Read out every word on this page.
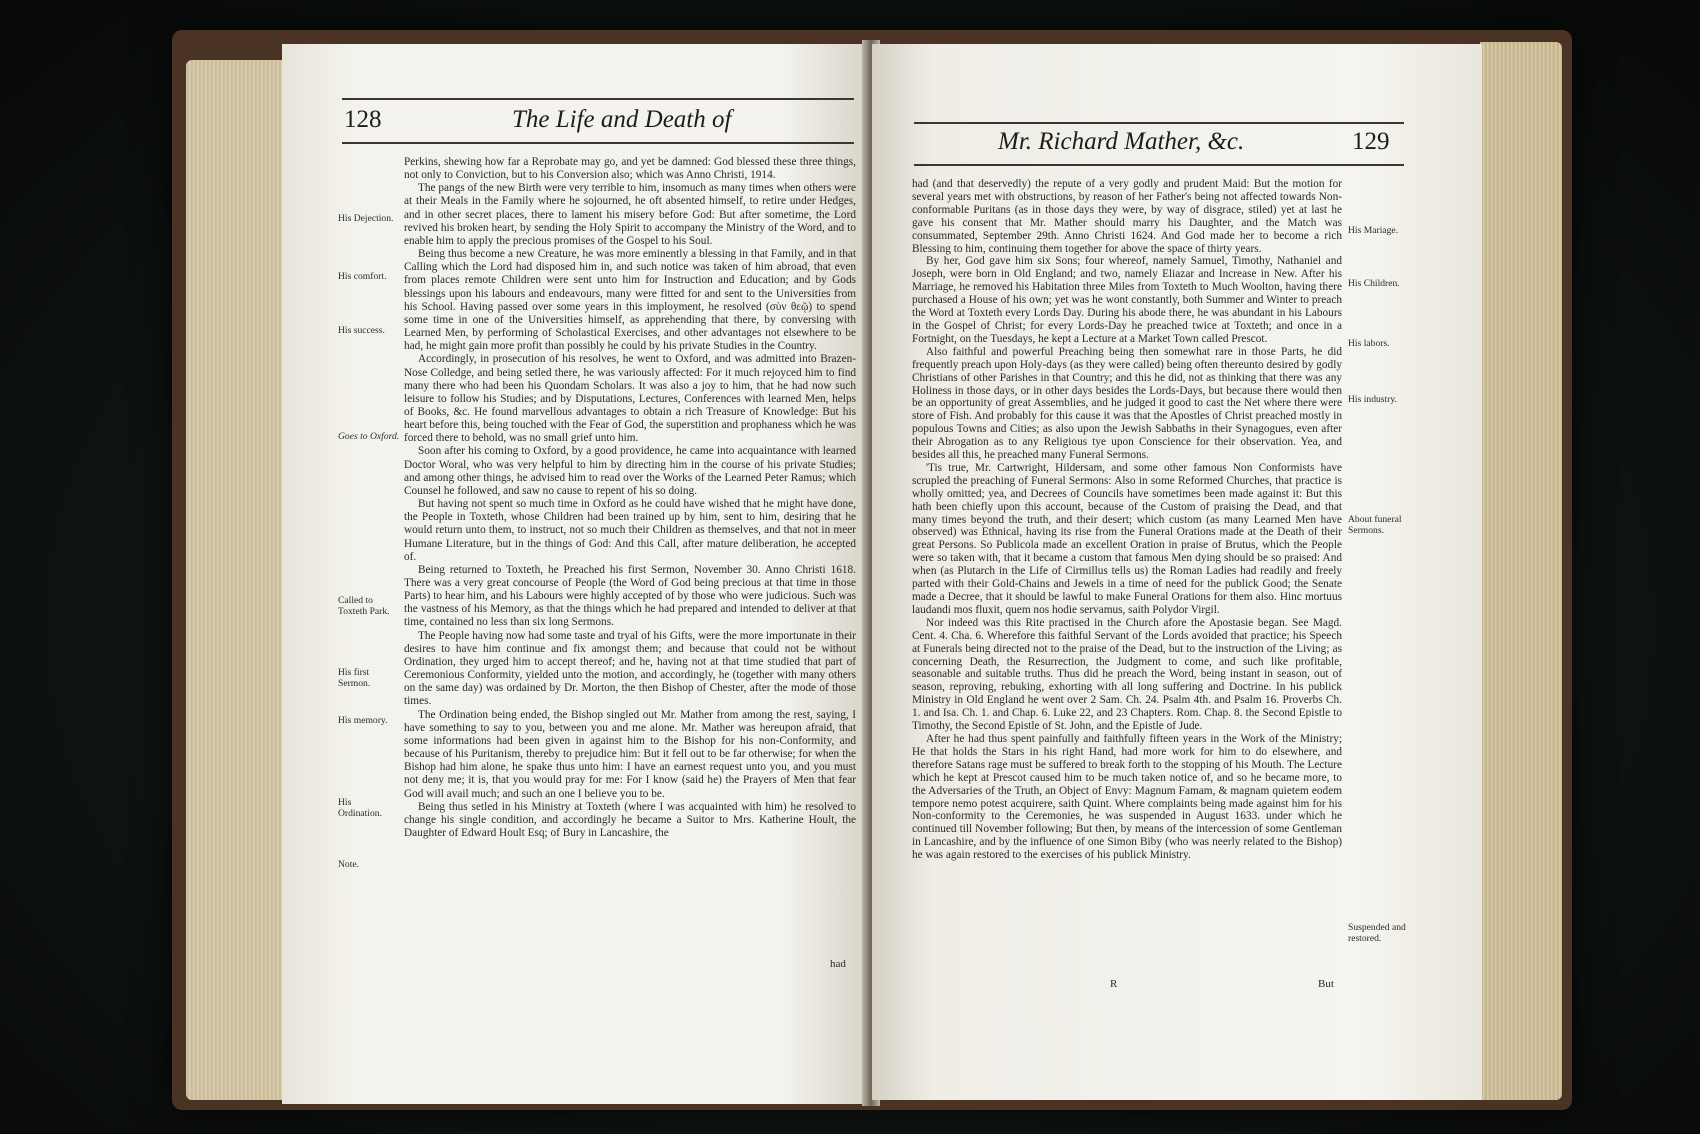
128	The Life and Death of
His Dejection.
His comfort.
His success.
Goes to Oxford.
Called to Toxteth Park.
His first Sermon.
His memory.
His Ordination.
Note.

Perkins, shewing how far a Reprobate may go, and yet be damned: God blessed these three things, not only to Conviction, but to his Conversion also; which was Anno Christi, 1914.

The pangs of the new Birth were very terrible to him, insomuch as many times when others were at their Meals in the Family where he sojourned, he oft absented himself, to retire under Hedges, and in other secret places, there to lament his misery before God: But after sometime, the Lord revived his broken heart, by sending the Holy Spirit to accompany the Ministry of the Word, and to enable him to apply the precious promises of the Gospel to his Soul.

Being thus become a new Creature, he was more eminently a blessing in that Family, and in that Calling which the Lord had disposed him in, and such notice was taken of him abroad, that even from places remote Children were sent unto him for Instruction and Education; and by Gods blessings upon his labours and endeavours, many were fitted for and sent to the Universities from his School. Having passed over some years in this imployment, he resolved (σὺν θεῷ) to spend some time in one of the Universities himself, as apprehending that there, by conversing with Learned Men, by performing of Scholastical Exercises, and other advantages not elsewhere to be had, he might gain more profit than possibly he could by his private Studies in the Country.

Accordingly, in prosecution of his resolves, he went to Oxford, and was admitted into Brazen-Nose Colledge, and being setled there, he was variously affected: For it much rejoyced him to find many there who had been his Quondam Scholars. It was also a joy to him, that he had now such leisure to follow his Studies; and by Disputations, Lectures, Conferences with learned Men, helps of Books, &c. He found marvellous advantages to obtain a rich Treasure of Knowledge: But his heart before this, being touched with the Fear of God, the superstition and prophaness which he was forced there to behold, was no small grief unto him.

Soon after his coming to Oxford, by a good providence, he came into acquaintance with learned Doctor Woral, who was very helpful to him by directing him in the course of his private Studies; and among other things, he advised him to read over the Works of the Learned Peter Ramus; which Counsel he followed, and saw no cause to repent of his so doing.

But having not spent so much time in Oxford as he could have wished that he might have done, the People in Toxteth, whose Children had been trained up by him, sent to him, desiring that he would return unto them, to instruct, not so much their Children as themselves, and that not in meer Humane Literature, but in the things of God: And this Call, after mature deliberation, he accepted of.

Being returned to Toxteth, he Preached his first Sermon, November 30. Anno Christi 1618. There was a very great concourse of People (the Word of God being precious at that time in those Parts) to hear him, and his Labours were highly accepted of by those who were judicious. Such was the vastness of his Memory, as that the things which he had prepared and intended to deliver at that time, contained no less than six long Sermons.

The People having now had some taste and tryal of his Gifts, were the more importunate in their desires to have him continue and fix amongst them; and because that could not be without Ordination, they urged him to accept thereof; and he, having not at that time studied that part of Ceremonious Conformity, yielded unto the motion, and accordingly, he (together with many others on the same day) was ordained by Dr. Morton, the then Bishop of Chester, after the mode of those times.

The Ordination being ended, the Bishop singled out Mr. Mather from among the rest, saying, I have something to say to you, between you and me alone. Mr. Mather was hereupon afraid, that some informations had been given in against him to the Bishop for his non-Conformity, and because of his Puritanism, thereby to prejudice him: But it fell out to be far otherwise; for when the Bishop had him alone, he spake thus unto him: I have an earnest request unto you, and you must not deny me; it is, that you would pray for me: For I know (said he) the Prayers of Men that fear God will avail much; and such an one I believe you to be.

Being thus setled in his Ministry at Toxteth (where I was acquainted with him) he resolved to change his single condition, and accordingly he became a Suitor to Mrs. Katherine Hoult, the Daughter of Edward Hoult Esq; of Bury in Lancashire, the

had
Mr. Richard Mather, &c.	129
His Mariage.
His Children.
His labors.
His industry.
About funeral Sermons.
Suspended and restored.

had (and that deservedly) the repute of a very godly and prudent Maid: But the motion for several years met with obstructions, by reason of her Father's being not affected towards Non-conformable Puritans (as in those days they were, by way of disgrace, stiled) yet at last he gave his consent that Mr. Mather should marry his Daughter, and the Match was consummated, September 29th. Anno Christi 1624. And God made her to become a rich Blessing to him, continuing them together for above the space of thirty years.

By her, God gave him six Sons; four whereof, namely Samuel, Timothy, Nathaniel and Joseph, were born in Old England; and two, namely Eliazar and Increase in New. After his Marriage, he removed his Habitation three Miles from Toxteth to Much Woolton, having there purchased a House of his own; yet was he wont constantly, both Summer and Winter to preach the Word at Toxteth every Lords Day. During his abode there, he was abundant in his Labours in the Gospel of Christ; for every Lords-Day he preached twice at Toxteth; and once in a Fortnight, on the Tuesdays, he kept a Lecture at a Market Town called Prescot.

Also faithful and powerful Preaching being then somewhat rare in those Parts, he did frequently preach upon Holy-days (as they were called) being often thereunto desired by godly Christians of other Parishes in that Country; and this he did, not as thinking that there was any Holiness in those days, or in other days besides the Lords-Days, but because there would then be an opportunity of great Assemblies, and he judged it good to cast the Net where there were store of Fish. And probably for this cause it was that the Apostles of Christ preached mostly in populous Towns and Cities; as also upon the Jewish Sabbaths in their Synagogues, even after their Abrogation as to any Religious tye upon Conscience for their observation. Yea, and besides all this, he preached many Funeral Sermons.

'Tis true, Mr. Cartwright, Hildersam, and some other famous Non Conformists have scrupled the preaching of Funeral Sermons: Also in some Reformed Churches, that practice is wholly omitted; yea, and Decrees of Councils have sometimes been made against it: But this hath been chiefly upon this account, because of the Custom of praising the Dead, and that many times beyond the truth, and their desert; which custom (as many Learned Men have observed) was Ethnical, having its rise from the Funeral Orations made at the Death of their great Persons. So Publicola made an excellent Oration in praise of Brutus, which the People were so taken with, that it became a custom that famous Men dying should be so praised: And when (as Plutarch in the Life of Cirmillus tells us) the Roman Ladies had readily and freely parted with their Gold-Chains and Jewels in a time of need for the publick Good; the Senate made a Decree, that it should be lawful to make Funeral Orations for them also. Hinc mortuus laudandi mos fluxit, quem nos hodie servamus, saith Polydor Virgil.

Nor indeed was this Rite practised in the Church afore the Apostasie began. See Magd. Cent. 4. Cha. 6. Wherefore this faithful Servant of the Lords avoided that practice; his Speech at Funerals being directed not to the praise of the Dead, but to the instruction of the Living; as concerning Death, the Resurrection, the Judgment to come, and such like profitable, seasonable and suitable truths. Thus did he preach the Word, being instant in season, out of season, reproving, rebuking, exhorting with all long suffering and Doctrine. In his publick Ministry in Old England he went over 2 Sam. Ch. 24. Psalm 4th. and Psalm 16. Proverbs Ch. 1. and Isa. Ch. 1. and Chap. 6. Luke 22, and 23 Chapters. Rom. Chap. 8. the Second Epistle to Timothy, the Second Epistle of St. John, and the Epistle of Jude.

After he had thus spent painfully and faithfully fifteen years in the Work of the Ministry; He that holds the Stars in his right Hand, had more work for him to do elsewhere, and therefore Satans rage must be suffered to break forth to the stopping of his Mouth. The Lecture which he kept at Prescot caused him to be much taken notice of, and so he became more, to the Adversaries of the Truth, an Object of Envy: Magnum Famam, & magnam quietem eodem tempore nemo potest acquirere, saith Quint. Where complaints being made against him for his Non-conformity to the Ceremonies, he was suspended in August 1633. under which he continued till November following; But then, by means of the intercession of some Gentleman in Lancashire, and by the influence of one Simon Biby (who was neerly related to the Bishop) he was again restored to the exercises of his publick Ministry.

R	But
